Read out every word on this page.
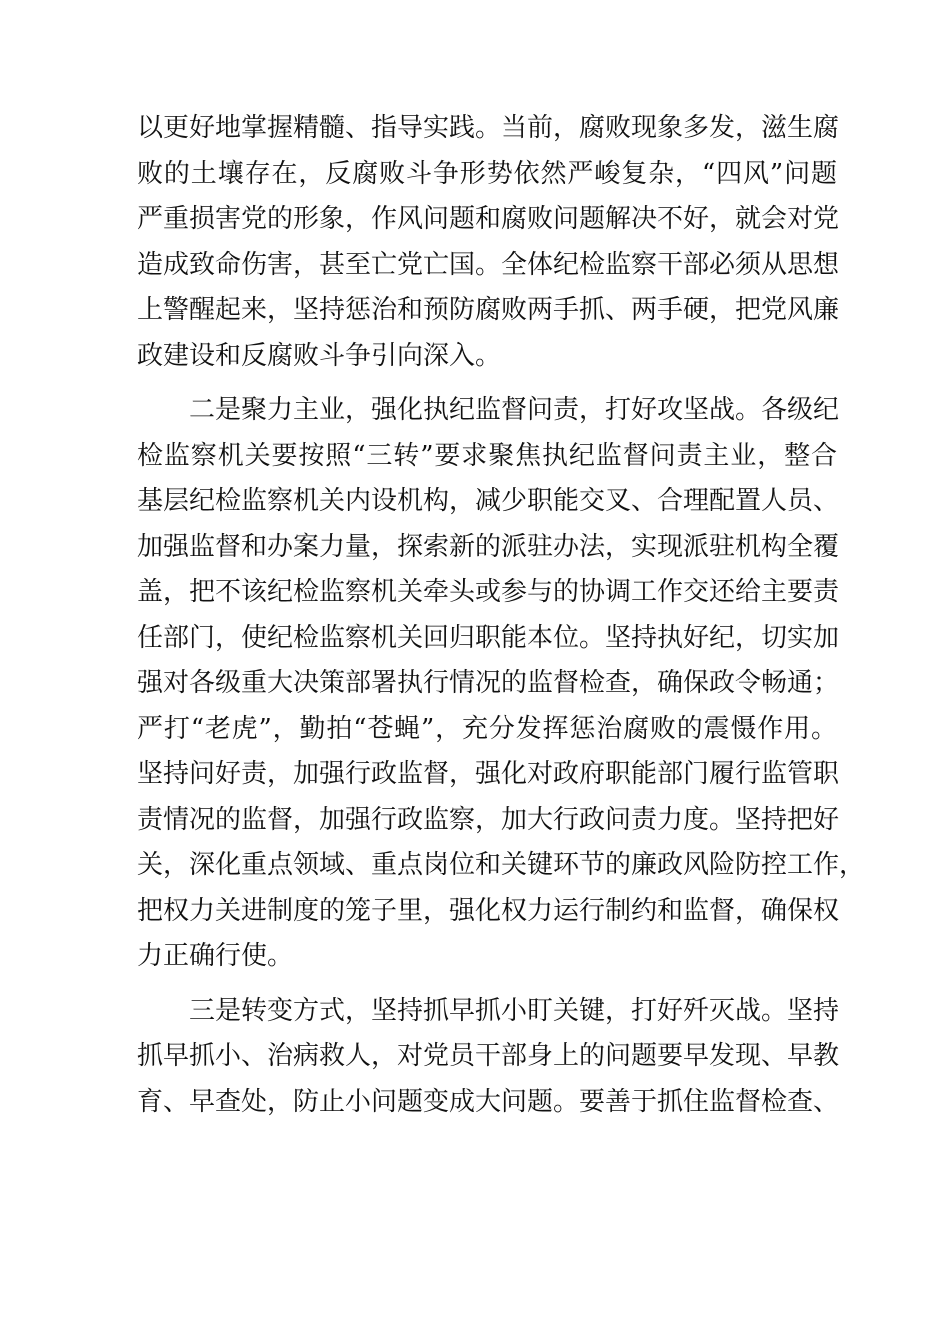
以更好地掌握精髓、指导实践。当前，腐败现象多发，滋生腐
败的土壤存在，反腐败斗争形势依然严峻复杂，“四风”问题
严重损害党的形象，作风问题和腐败问题解决不好，就会对党
造成致命伤害，甚至亡党亡国。全体纪检监察干部必须从思想
上警醒起来，坚持惩治和预防腐败两手抓、两手硬，把党风廉
政建设和反腐败斗争引向深入。
二是聚力主业，强化执纪监督问责，打好攻坚战。各级纪
检监察机关要按照“三转”要求聚焦执纪监督问责主业，整合
基层纪检监察机关内设机构，减少职能交叉、合理配置人员、
加强监督和办案力量，探索新的派驻办法，实现派驻机构全覆
盖，把不该纪检监察机关牵头或参与的协调工作交还给主要责
任部门，使纪检监察机关回归职能本位。坚持执好纪，切实加
强对各级重大决策部署执行情况的监督检查，确保政令畅通；
严打“老虎”，勤拍“苍蝇”，充分发挥惩治腐败的震慑作用。
坚持问好责，加强行政监督，强化对政府职能部门履行监管职
责情况的监督，加强行政监察，加大行政问责力度。坚持把好
关，深化重点领域、重点岗位和关键环节的廉政风险防控工作，
把权力关进制度的笼子里，强化权力运行制约和监督，确保权
力正确行使。
三是转变方式，坚持抓早抓小盯关键，打好歼灭战。坚持
抓早抓小、治病救人，对党员干部身上的问题要早发现、早教
育、早查处，防止小问题变成大问题。要善于抓住监督检查、
